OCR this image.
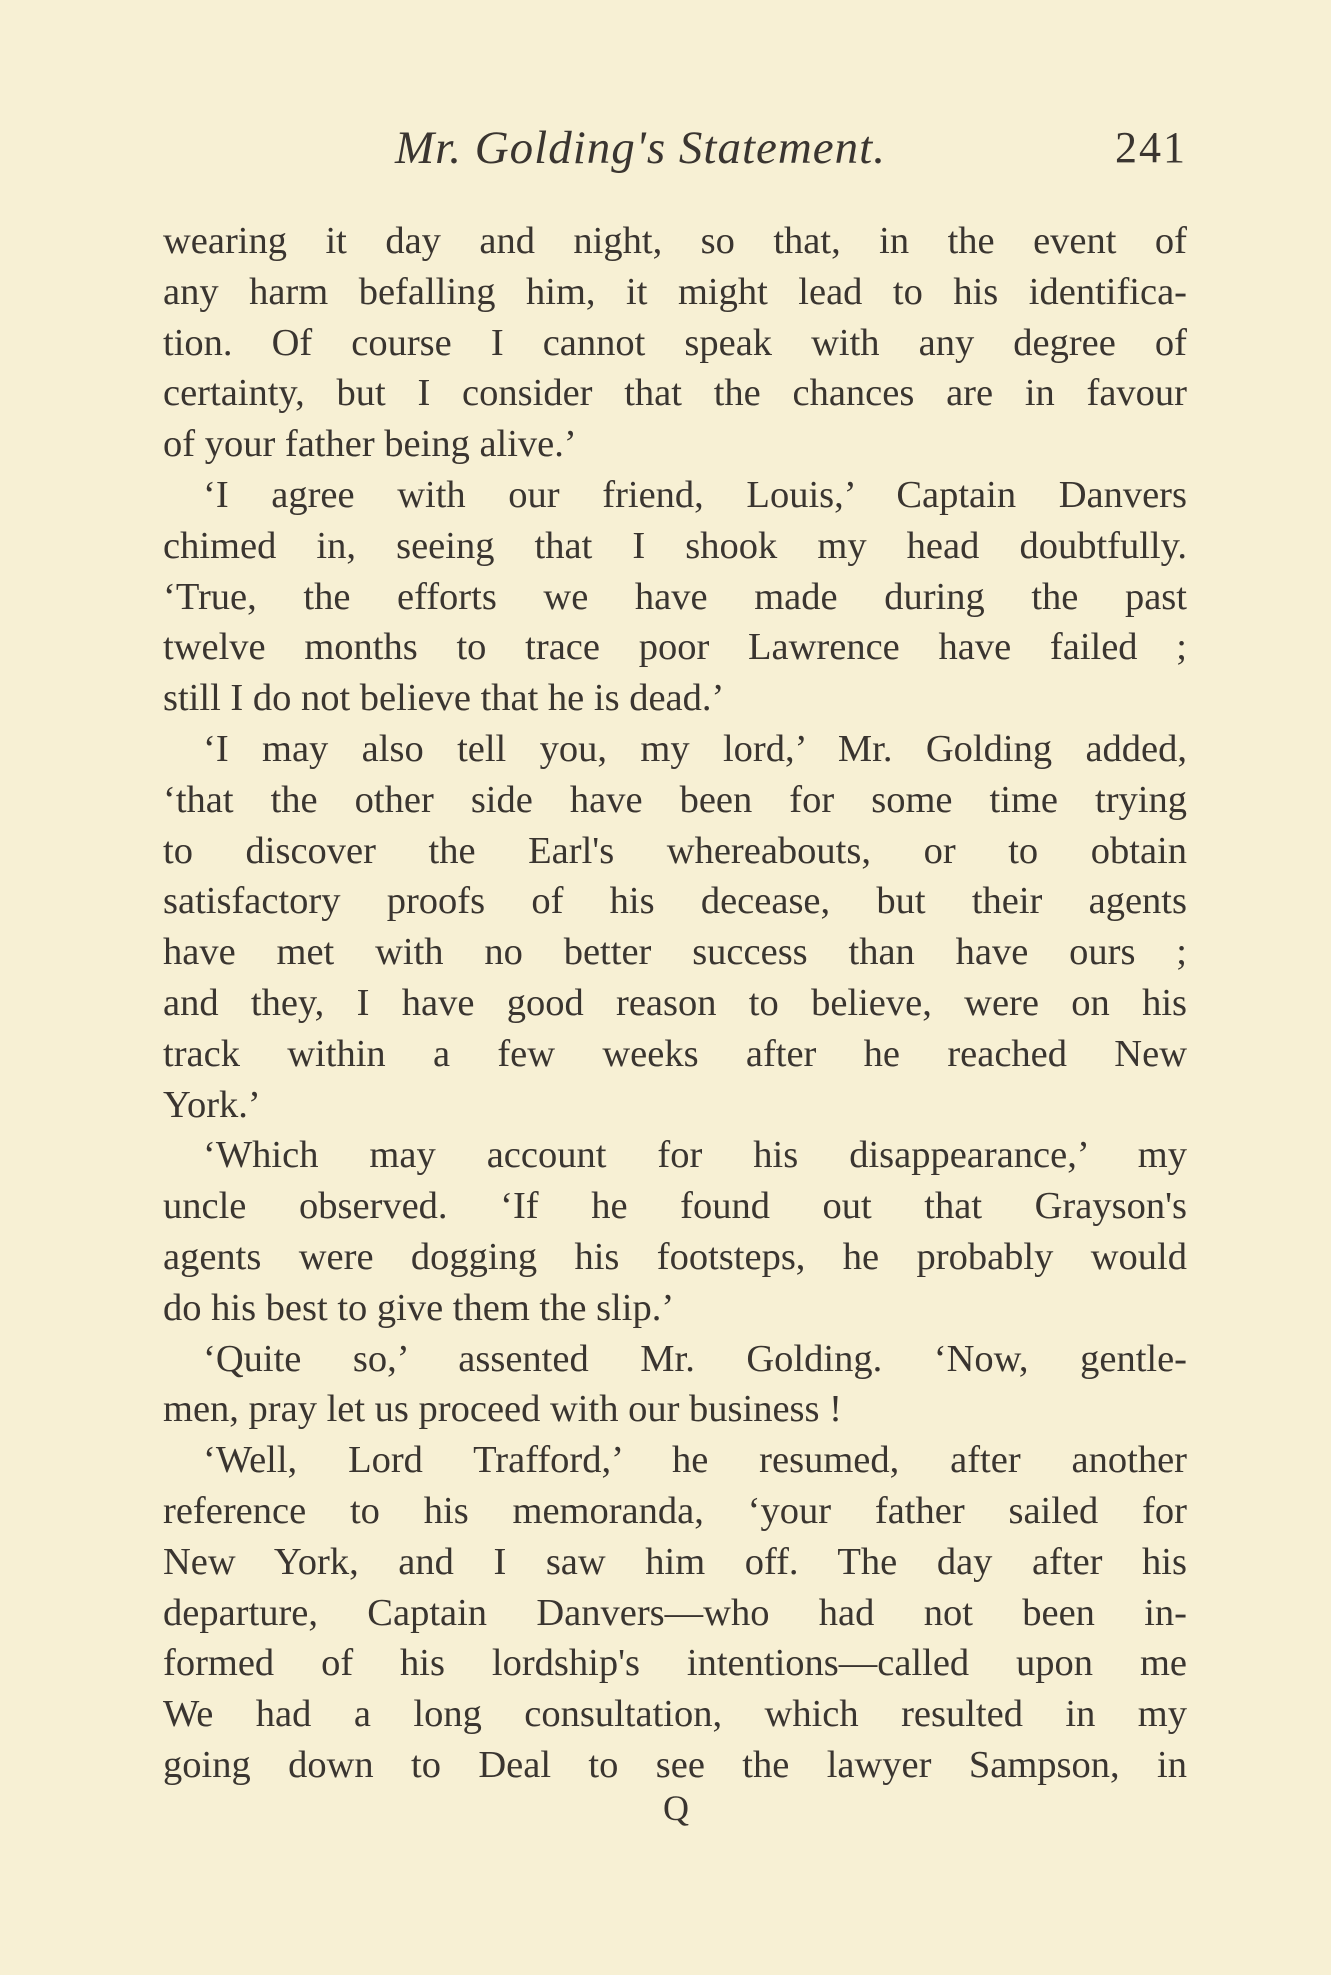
Mr. Golding's Statement.	241
wearing it day and night, so that, in the event of
any harm befalling him, it might lead to his identifica-
tion. Of course I cannot speak with any degree of
certainty, but I consider that the chances are in favour
of your father being alive.’
‘I agree with our friend, Louis,’ Captain Danvers
chimed in, seeing that I shook my head doubtfully.
‘True, the efforts we have made during the past
twelve months to trace poor Lawrence have failed ;
still I do not believe that he is dead.’
‘I may also tell you, my lord,’ Mr. Golding added,
‘that the other side have been for some time trying
to discover the Earl's whereabouts, or to obtain
satisfactory proofs of his decease, but their agents
have met with no better success than have ours ;
and they, I have good reason to believe, were on his
track within a few weeks after he reached New
York.’
‘Which may account for his disappearance,’ my
uncle observed. ‘If he found out that Grayson's
agents were dogging his footsteps, he probably would
do his best to give them the slip.’
‘Quite so,’ assented Mr. Golding. ‘Now, gentle-
men, pray let us proceed with our business !
‘Well, Lord Trafford,’ he resumed, after another
reference to his memoranda, ‘your father sailed for
New York, and I saw him off. The day after his
departure, Captain Danvers—who had not been in-
formed of his lordship's intentions—called upon me
We had a long consultation, which resulted in my
going down to Deal to see the lawyer Sampson, in
Q
